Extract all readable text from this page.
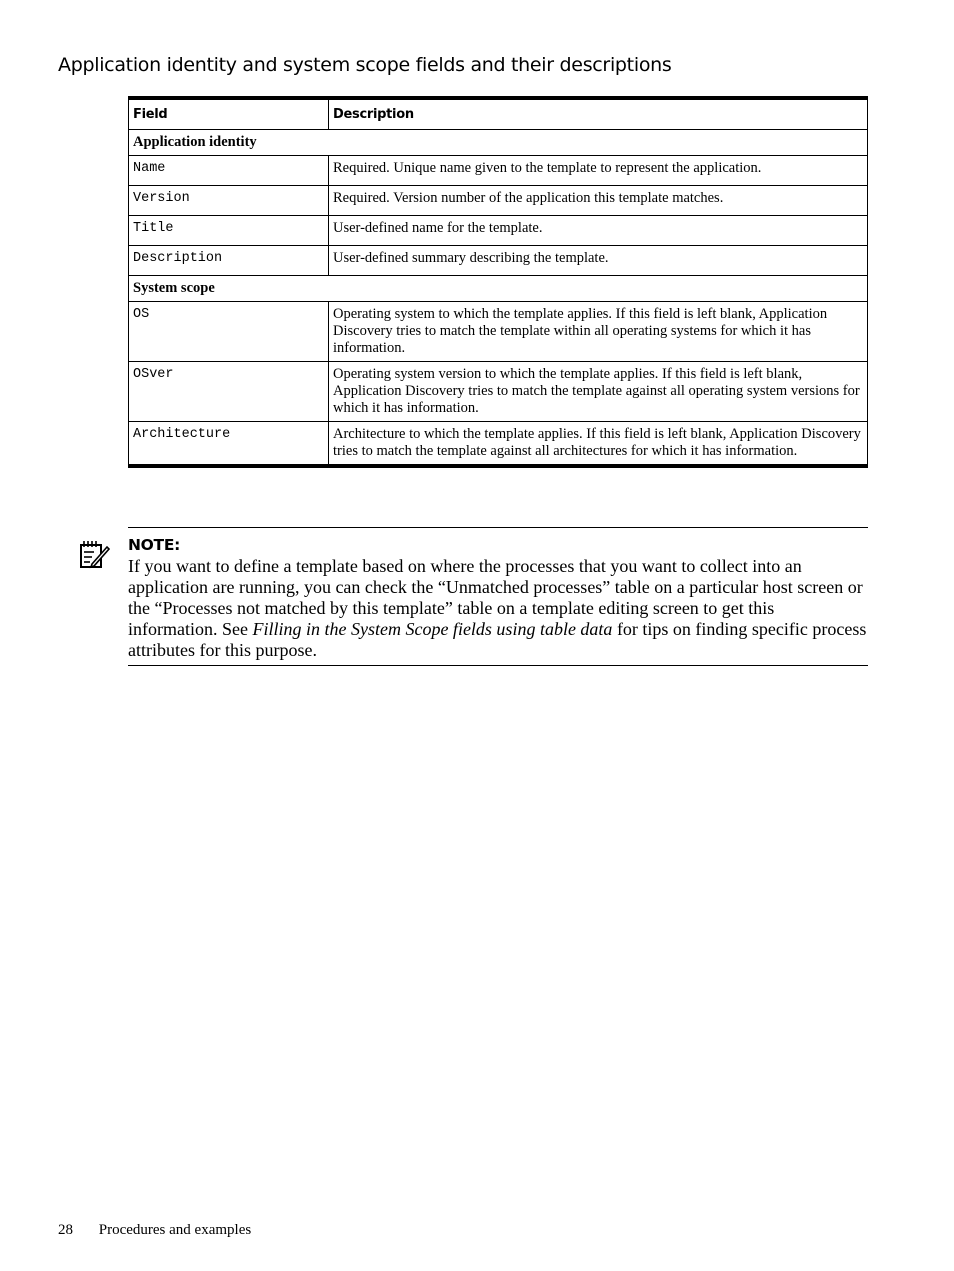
Application identity and system scope fields and their descriptions
Field	Description
Application identity	
Name	Required. Unique name given to the template to represent the application.
Version	Required. Version number of the application this template matches.
Title	User-defined name for the template.
Description	User-defined summary describing the template.
System scope	
OS	Operating system to which the template applies. If this field is left blank, Application Discovery tries to match the template within all operating systems for which it has information.
OSver	Operating system version to which the template applies. If this field is left blank, Application Discovery tries to match the template against all operating system versions for which it has information.
Architecture	Architecture to which the template applies. If this field is left blank, Application Discovery tries to match the template against all architectures for which it has information.

NOTE:

If you want to define a template based on where the processes that you want to collect into an application are running, you can check the “Unmatched processes” table on a particular host screen or the “Processes not matched by this template” table on a template editing screen to get this information. See Filling in the System Scope fields using table data for tips on finding specific process attributes for this purpose.

28 Procedures and examples
